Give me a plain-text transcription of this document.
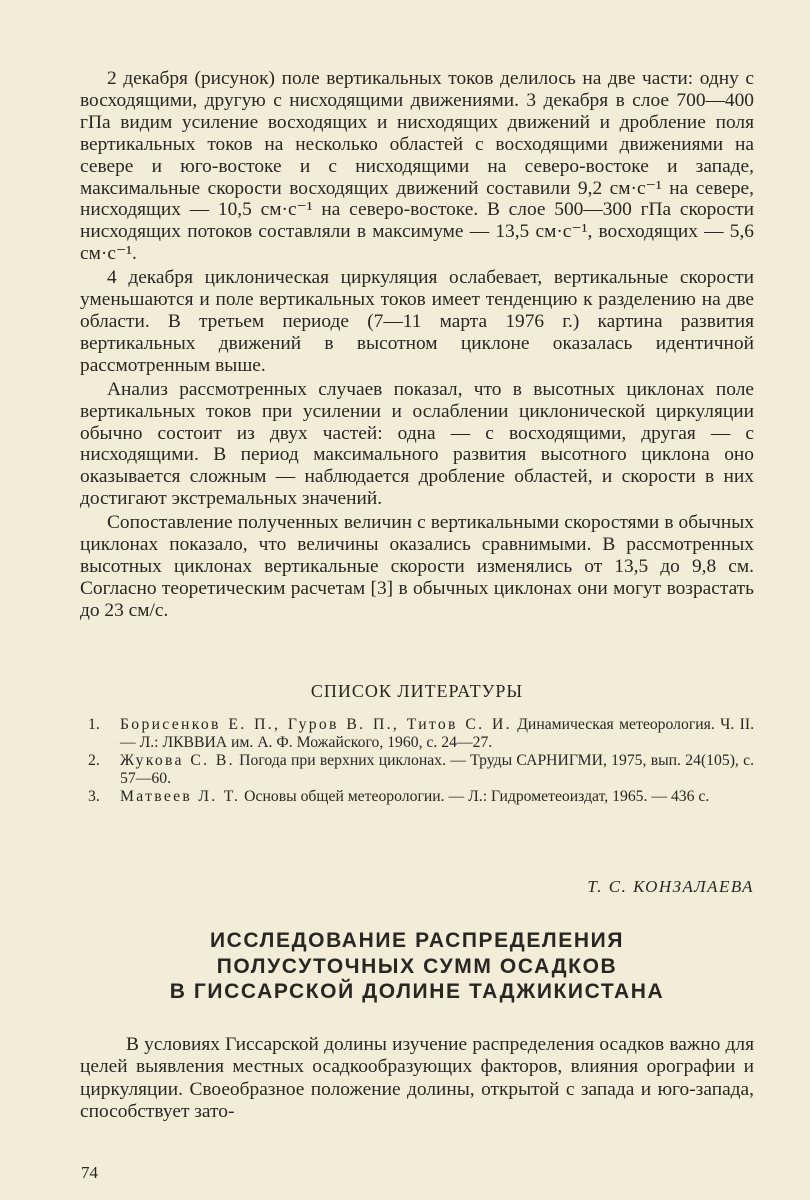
2 декабря (рисунок) поле вертикальных токов делилось на две части: одну с восходящими, другую с нисходящими движениями. 3 декабря в слое 700—400 гПа видим усиление восходящих и нисходящих движений и дробление поля вертикальных токов на несколько областей с восходящими движениями на севере и юго-востоке и с нисходящими на северо-востоке и западе, максимальные скорости восходящих движений составили 9,2 см·с⁻¹ на севере, нисходящих — 10,5 см·с⁻¹ на северо-востоке. В слое 500—300 гПа скорости нисходящих потоков составляли в максимуме — 13,5 см·с⁻¹, восходящих — 5,6 см·с⁻¹.

4 декабря циклоническая циркуляция ослабевает, вертикальные скорости уменьшаются и поле вертикальных токов имеет тенденцию к разделению на две области. В третьем периоде (7—11 марта 1976 г.) картина развития вертикальных движений в высотном циклоне оказалась идентичной рассмотренным выше.

Анализ рассмотренных случаев показал, что в высотных циклонах поле вертикальных токов при усилении и ослаблении циклонической циркуляции обычно состоит из двух частей: одна — с восходящими, другая — с нисходящими. В период максимального развития высотного циклона оно оказывается сложным — наблюдается дробление областей, и скорости в них достигают экстремальных значений.

Сопоставление полученных величин с вертикальными скоростями в обычных циклонах показало, что величины оказались сравнимыми. В рассмотренных высотных циклонах вертикальные скорости изменялись от 13,5 до 9,8 см. Согласно теоретическим расчетам [3] в обычных циклонах они могут возрастать до 23 см/с.

СПИСОК ЛИТЕРАТУРЫ
1. Борисенков Е. П., Гуров В. П., Титов С. И. Динамическая метеорология. Ч. II. — Л.: ЛКВВИА им. А. Ф. Можайского, 1960, с. 24—27.
2. Жукова С. В. Погода при верхних циклонах. — Труды САРНИГМИ, 1975, вып. 24(105), с. 57—60.
3. Матвеев Л. Т. Основы общей метеорологии. — Л.: Гидрометеоиздат, 1965. — 436 с.
Т. С. КОНЗАЛАЕВА
ИССЛЕДОВАНИЕ РАСПРЕДЕЛЕНИЯ
ПОЛУСУТОЧНЫХ СУММ ОСАДКОВ
В ГИССАРСКОЙ ДОЛИНЕ ТАДЖИКИСТАНА

В условиях Гиссарской долины изучение распределения осадков важно для целей выявления местных осадкообразующих факторов, влияния орографии и циркуляции. Своеобразное положение долины, открытой с запада и юго-запада, способствует зато-

74
